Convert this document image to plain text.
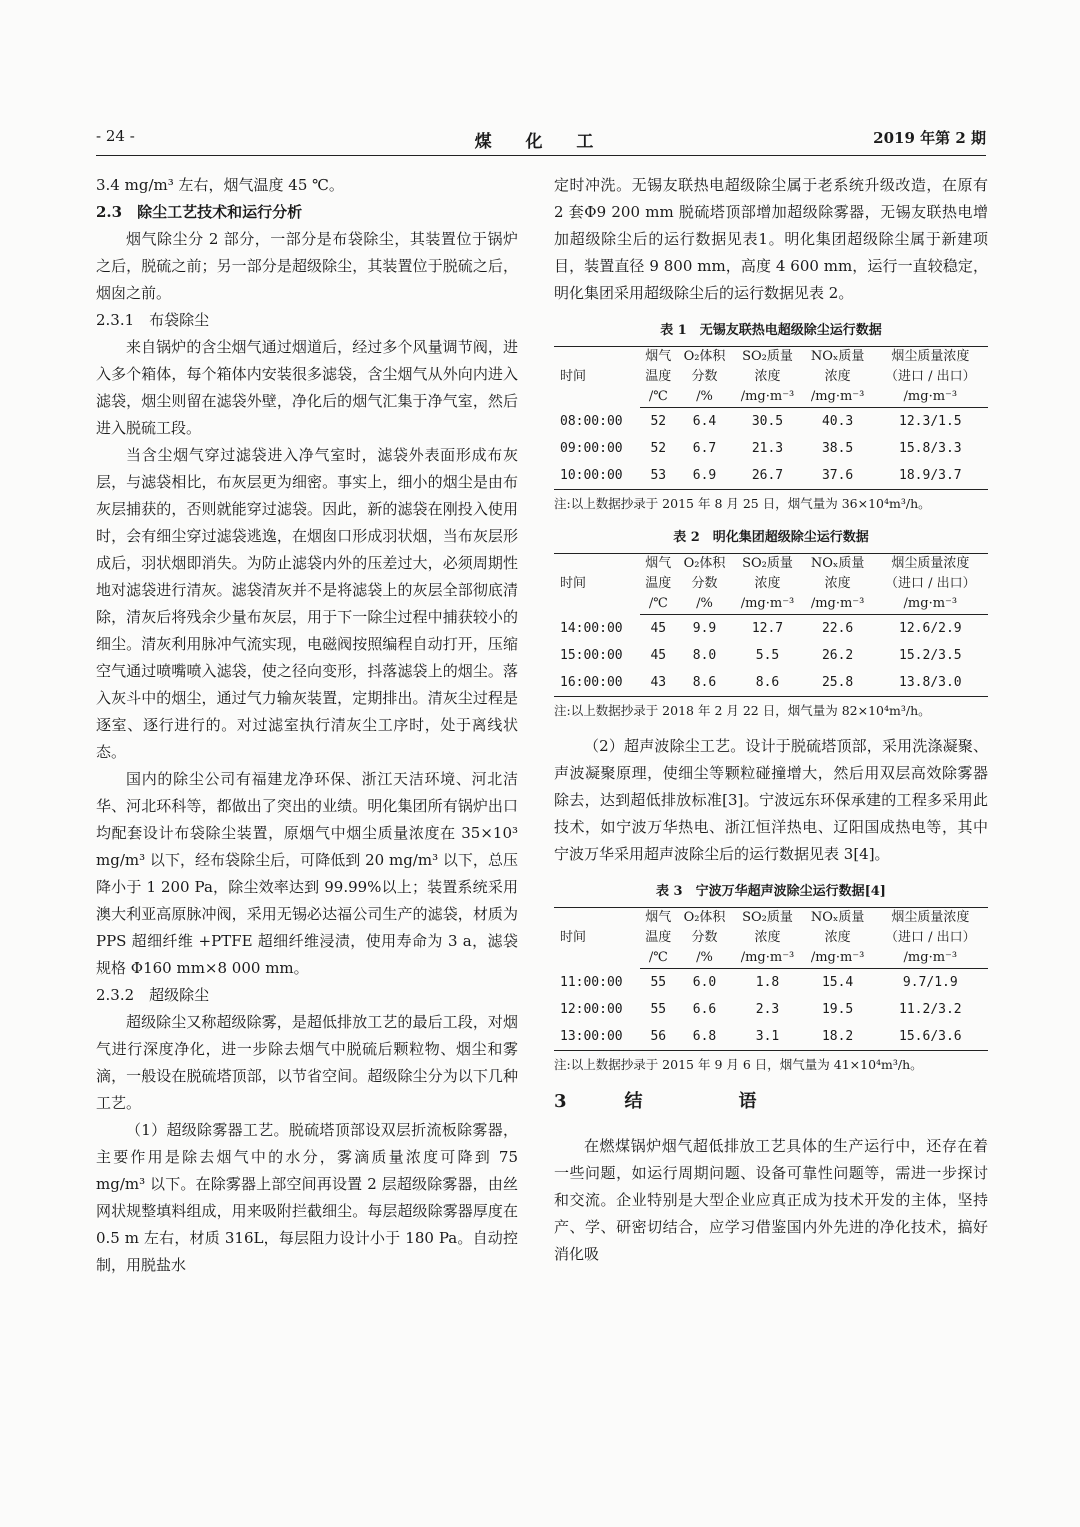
- 24 -	煤 化 工	2019 年第 2 期

3.4 mg/m³ 左右，烟气温度 45 ℃。

2.3　除尘工艺技术和运行分析

烟气除尘分 2 部分，一部分是布袋除尘，其装置位于锅炉之后，脱硫之前；另一部分是超级除尘，其装置位于脱硫之后，烟囱之前。

2.3.1　布袋除尘

来自锅炉的含尘烟气通过烟道后，经过多个风量调节阀，进入多个箱体，每个箱体内安装很多滤袋，含尘烟气从外向内进入滤袋，烟尘则留在滤袋外壁，净化后的烟气汇集于净气室，然后进入脱硫工段。

当含尘烟气穿过滤袋进入净气室时，滤袋外表面形成布灰层，与滤袋相比，布灰层更为细密。事实上，细小的烟尘是由布灰层捕获的，否则就能穿过滤袋。因此，新的滤袋在刚投入使用时，会有细尘穿过滤袋逃逸，在烟囱口形成羽状烟，当布灰层形成后，羽状烟即消失。为防止滤袋内外的压差过大，必须周期性地对滤袋进行清灰。滤袋清灰并不是将滤袋上的灰层全部彻底清除，清灰后将残余少量布灰层，用于下一除尘过程中捕获较小的细尘。清灰利用脉冲气流实现，电磁阀按照编程自动打开，压缩空气通过喷嘴喷入滤袋，使之径向变形，抖落滤袋上的烟尘。落入灰斗中的烟尘，通过气力输灰装置，定期排出。清灰尘过程是逐室、逐行进行的。对过滤室执行清灰尘工序时，处于离线状态。

国内的除尘公司有福建龙净环保、浙江天洁环境、河北洁华、河北环科等，都做出了突出的业绩。明化集团所有锅炉出口均配套设计布袋除尘装置，原烟气中烟尘质量浓度在 35×10³ mg/m³ 以下，经布袋除尘后，可降低到 20 mg/m³ 以下，总压降小于 1 200 Pa，除尘效率达到 99.99%以上；装置系统采用澳大利亚高原脉冲阀，采用无锡必达福公司生产的滤袋，材质为 PPS 超细纤维 +PTFE 超细纤维浸渍，使用寿命为 3 a，滤袋规格 Φ160 mm×8 000 mm。

2.3.2　超级除尘

超级除尘又称超级除雾，是超低排放工艺的最后工段，对烟气进行深度净化，进一步除去烟气中脱硫后颗粒物、烟尘和雾滴，一般设在脱硫塔顶部，以节省空间。超级除尘分为以下几种工艺。

（1）超级除雾器工艺。脱硫塔顶部设双层折流板除雾器，主要作用是除去烟气中的水分，雾滴质量浓度可降到 75 mg/m³ 以下。在除雾器上部空间再设置 2 层超级除雾器，由丝网状规整填料组成，用来吸附拦截细尘。每层超级除雾器厚度在 0.5 m 左右，材质 316L，每层阻力设计小于 180 Pa。自动控制，用脱盐水

定时冲洗。无锡友联热电超级除尘属于老系统升级改造，在原有 2 套Φ9 200 mm 脱硫塔顶部增加超级除雾器，无锡友联热电增加超级除尘后的运行数据见表1。明化集团超级除尘属于新建项目，装置直径 9 800 mm，高度 4 600 mm，运行一直较稳定，明化集团采用超级除尘后的运行数据见表 2。

表 1　无锡友联热电超级除尘运行数据
时间	烟气	O₂体积	SO₂质量	NOₓ质量	烟尘质量浓度
	温度	分数	浓度	浓度	（进口 / 出口）
	/℃	/%	/mg·m⁻³	/mg·m⁻³	/mg·m⁻³
08:00:00	52	6.4	30.5	40.3	12.3/1.5
09:00:00	52	6.7	21.3	38.5	15.8/3.3
10:00:00	53	6.9	26.7	37.6	18.9/3.7
注:以上数据抄录于 2015 年 8 月 25 日，烟气量为 36×10⁴m³/h。
表 2　明化集团超级除尘运行数据
时间	烟气	O₂体积	SO₂质量	NOₓ质量	烟尘质量浓度
	温度	分数	浓度	浓度	（进口 / 出口）
	/℃	/%	/mg·m⁻³	/mg·m⁻³	/mg·m⁻³
14:00:00	45	9.9	12.7	22.6	12.6/2.9
15:00:00	45	8.0	5.5	26.2	15.2/3.5
16:00:00	43	8.6	8.6	25.8	13.8/3.0
注:以上数据抄录于 2018 年 2 月 22 日，烟气量为 82×10⁴m³/h。

（2）超声波除尘工艺。设计于脱硫塔顶部，采用洗涤凝聚、声波凝聚原理，使细尘等颗粒碰撞增大，然后用双层高效除雾器除去，达到超低排放标准[3]。宁波远东环保承建的工程多采用此技术，如宁波万华热电、浙江恒洋热电、辽阳国成热电等，其中宁波万华采用超声波除尘后的运行数据见表 3[4]。

表 3　宁波万华超声波除尘运行数据[4]
时间	烟气	O₂体积	SO₂质量	NOₓ质量	烟尘质量浓度
	温度	分数	浓度	浓度	（进口 / 出口）
	/℃	/%	/mg·m⁻³	/mg·m⁻³	/mg·m⁻³
11:00:00	55	6.0	1.8	15.4	9.7/1.9
12:00:00	55	6.6	2.3	19.5	11.2/3.2
13:00:00	56	6.8	3.1	18.2	15.6/3.6
注:以上数据抄录于 2015 年 9 月 6 日，烟气量为 41×10⁴m³/h。
3　结　　语

在燃煤锅炉烟气超低排放工艺具体的生产运行中，还存在着一些问题，如运行周期问题、设备可靠性问题等，需进一步探讨和交流。企业特别是大型企业应真正成为技术开发的主体，坚持产、学、研密切结合，应学习借鉴国内外先进的净化技术，搞好消化吸
